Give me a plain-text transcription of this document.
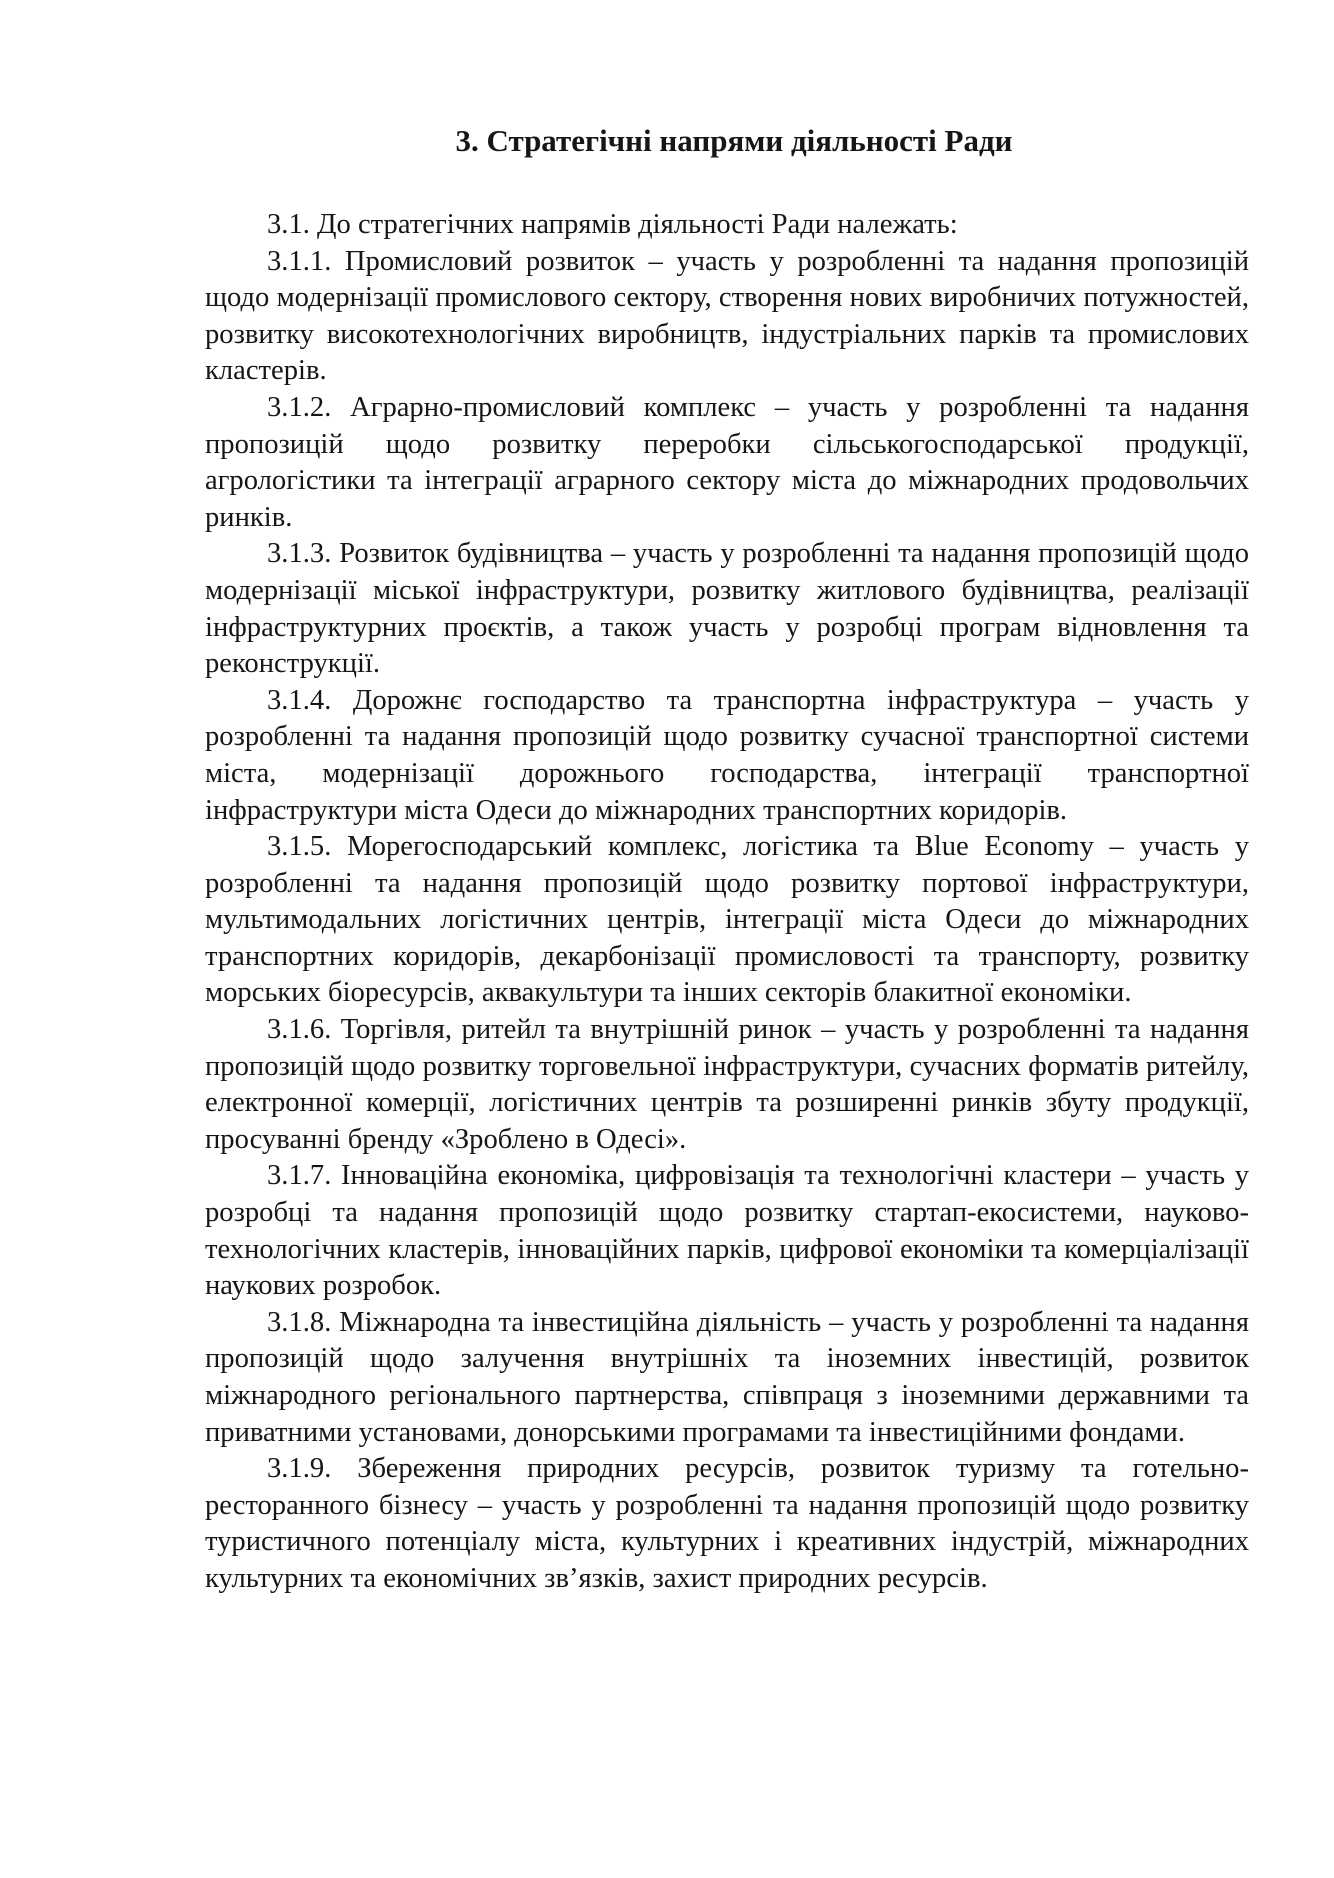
3. Стратегічні напрями діяльності Ради

3.1. До стратегічних напрямів діяльності Ради належать:

3.1.1. Промисловий розвиток – участь у розробленні та надання пропозицій щодо модернізації промислового сектору, створення нових виробничих потужностей, розвитку високотехнологічних виробництв, індустріальних парків та промислових кластерів.

3.1.2. Аграрно-промисловий комплекс – участь у розробленні та надання пропозицій щодо розвитку переробки сільськогосподарської продукції, агрологістики та інтеграції аграрного сектору міста до міжнародних продовольчих ринків.

3.1.3. Розвиток будівництва – участь у розробленні та надання пропозицій щодо модернізації міської інфраструктури, розвитку житлового будівництва, реалізації інфраструктурних проєктів, а також участь у розробці програм відновлення та реконструкції.

3.1.4. Дорожнє господарство та транспортна інфраструктура – участь у розробленні та надання пропозицій щодо розвитку сучасної транспортної системи міста, модернізації дорожнього господарства, інтеграції транспортної інфраструктури міста Одеси до міжнародних транспортних коридорів.

3.1.5. Морегосподарський комплекс, логістика та Blue Economy – участь у розробленні та надання пропозицій щодо розвитку портової інфраструктури, мультимодальних логістичних центрів, інтеграції міста Одеси до міжнародних транспортних коридорів, декарбонізації промисловості та транспорту, розвитку морських біоресурсів, аквакультури та інших секторів блакитної економіки.

3.1.6. Торгівля, ритейл та внутрішній ринок – участь у розробленні та надання пропозицій щодо розвитку торговельної інфраструктури, сучасних форматів ритейлу, електронної комерції, логістичних центрів та розширенні ринків збуту продукції, просуванні бренду «Зроблено в Одесі».

3.1.7. Інноваційна економіка, цифровізація та технологічні кластери – участь у розробці та надання пропозицій щодо розвитку стартап-екосистеми, науково-технологічних кластерів, інноваційних парків, цифрової економіки та комерціалізації наукових розробок.

3.1.8. Міжнародна та інвестиційна діяльність – участь у розробленні та надання пропозицій щодо залучення внутрішніх та іноземних інвестицій, розвиток міжнародного регіонального партнерства, співпраця з іноземними державними та приватними установами, донорськими програмами та інвестиційними фондами.

3.1.9. Збереження природних ресурсів, розвиток туризму та готельно-ресторанного бізнесу – участь у розробленні та надання пропозицій щодо розвитку туристичного потенціалу міста, культурних і креативних індустрій, міжнародних культурних та економічних зв’язків, захист природних ресурсів.
